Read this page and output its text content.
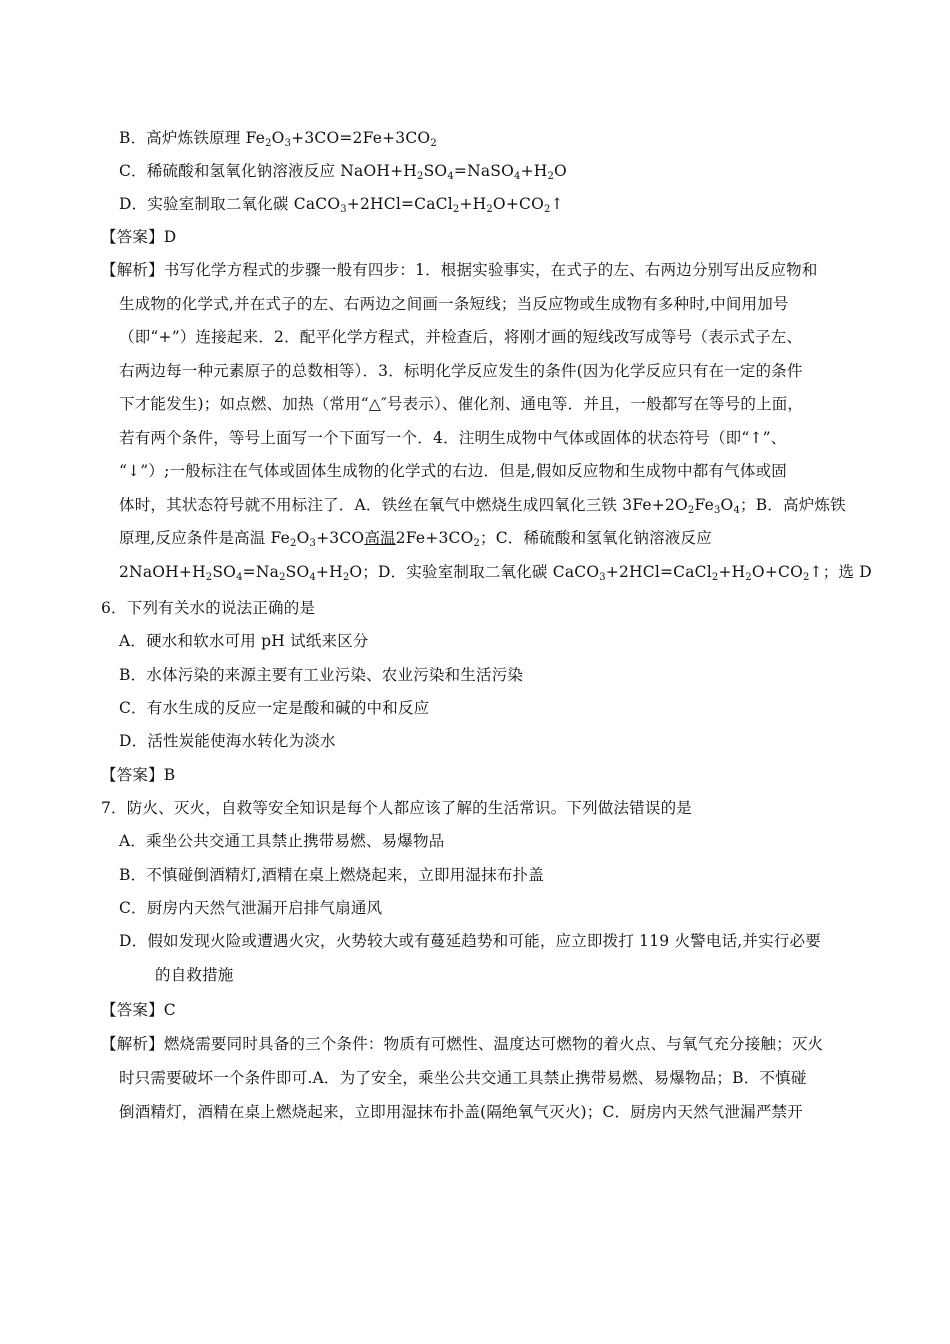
B．高炉炼铁原理 $Fe_2O_3+3CO=2Fe+3CO_2$
C．稀硫酸和氢氧化钠溶液反应 $NaOH+H_2SO_4=NaSO_4+H_2O$
D．实验室制取二氧化碳 $CaCO_3+2HCl=CaCl_2+H_2O+CO_2↑$
【答案】D
【解析】书写化学方程式的步骤一般有四步：1．根据实验事实，在式子的左、右两边分别写出反应物和
生成物的化学式,并在式子的左、右两边之间画一条短线；当反应物或生成物有多种时,中间用加号
（即“+”）连接起来．2．配平化学方程式，并检查后，将刚才画的短线改写成等号（表示式子左、
右两边每一种元素原子的总数相等）．3．标明化学反应发生的条件(因为化学反应只有在一定的条件
下才能发生)；如点燃、加热（常用“△″号表示）、催化剂、通电等．并且，一般都写在等号的上面，
若有两个条件，等号上面写一个下面写一个．4．注明生成物中气体或固体的状态符号（即“↑”、
“↓”）;一般标注在气体或固体生成物的化学式的右边．但是,假如反应物和生成物中都有气体或固
体时，其状态符号就不用标注了．A．铁丝在氧气中燃烧生成四氧化三铁 $3Fe+2O_2Fe_3O_4$；B．高炉炼铁
原理,反应条件是高温 $Fe_2O_3+3CO$高温$2Fe+3CO_2$；C．稀硫酸和氢氧化钠溶液反应
$2NaOH+H_2SO_4=Na_2SO_4+H_2O$；D．实验室制取二氧化碳 $CaCO_3+2HCl=CaCl_2+H_2O+CO_2↑$；选 D
6．下列有关水的说法正确的是
A．硬水和软水可用 pH 试纸来区分
B．水体污染的来源主要有工业污染、农业污染和生活污染
C．有水生成的反应一定是酸和碱的中和反应
D．活性炭能使海水转化为淡水
【答案】B
7．防火、灭火，自救等安全知识是每个人都应该了解的生活常识。下列做法错误的是
A．乘坐公共交通工具禁止携带易燃、易爆物品
B．不慎碰倒酒精灯,酒精在桌上燃烧起来，立即用湿抹布扑盖
C．厨房内天然气泄漏开启排气扇通风
D．假如发现火险或遭遇火灾，火势较大或有蔓延趋势和可能，应立即拨打 119 火警电话,并实行必要
的自救措施
【答案】C
【解析】燃烧需要同时具备的三个条件：物质有可燃性、温度达可燃物的着火点、与氧气充分接触；灭火
时只需要破坏一个条件即可.A．为了安全，乘坐公共交通工具禁止携带易燃、易爆物品；B．不慎碰
倒酒精灯，酒精在桌上燃烧起来，立即用湿抹布扑盖(隔绝氧气灭火)；C．厨房内天然气泄漏严禁开
